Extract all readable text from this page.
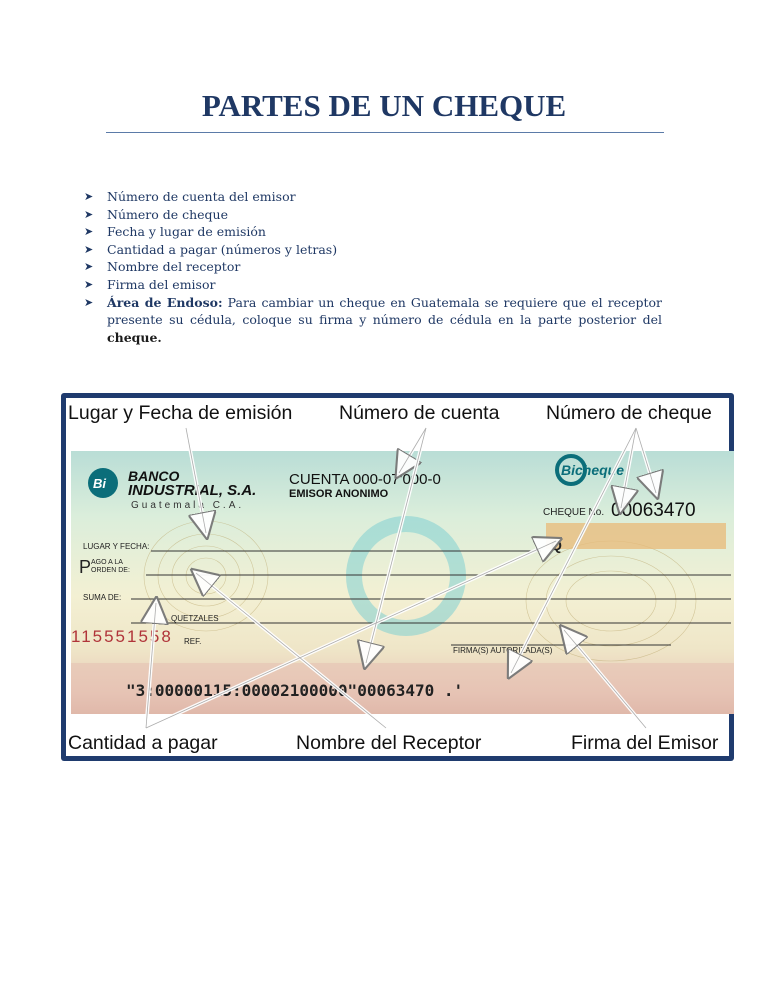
PARTES DE UN CHEQUE
➤ Número de cuenta del emisor
➤ Número de cheque
➤ Fecha y lugar de emisión
➤ Cantidad a pagar (números y letras)
➤ Nombre del receptor
➤ Firma del emisor
➤ Área de Endoso: Para cambiar un cheque en Guatemala se requiere que el receptor presente su cédula, coloque su firma y número de cédula en la parte posterior del cheque.
Lugar y Fecha de emisión Número de cuenta Número de cheque
Cantidad a pagar	Nombre del Receptor	Firma del Emisor
Bi BANCO
INDUSTRIAL, S.A.
Guatemala C.A.
CUENTA 000-07'000-0
EMISOR ANONIMO
Bicheque
CHEQUE No. 00063470
LUGAR Y FECHA:
P AGO A LA
ORDEN DE:
SUMA DE:
QUETZALES
Q
115551558 REF.
FIRMA(S) AUTORIZADA(S)
"3:00000115:00002100000"00063470 .'
